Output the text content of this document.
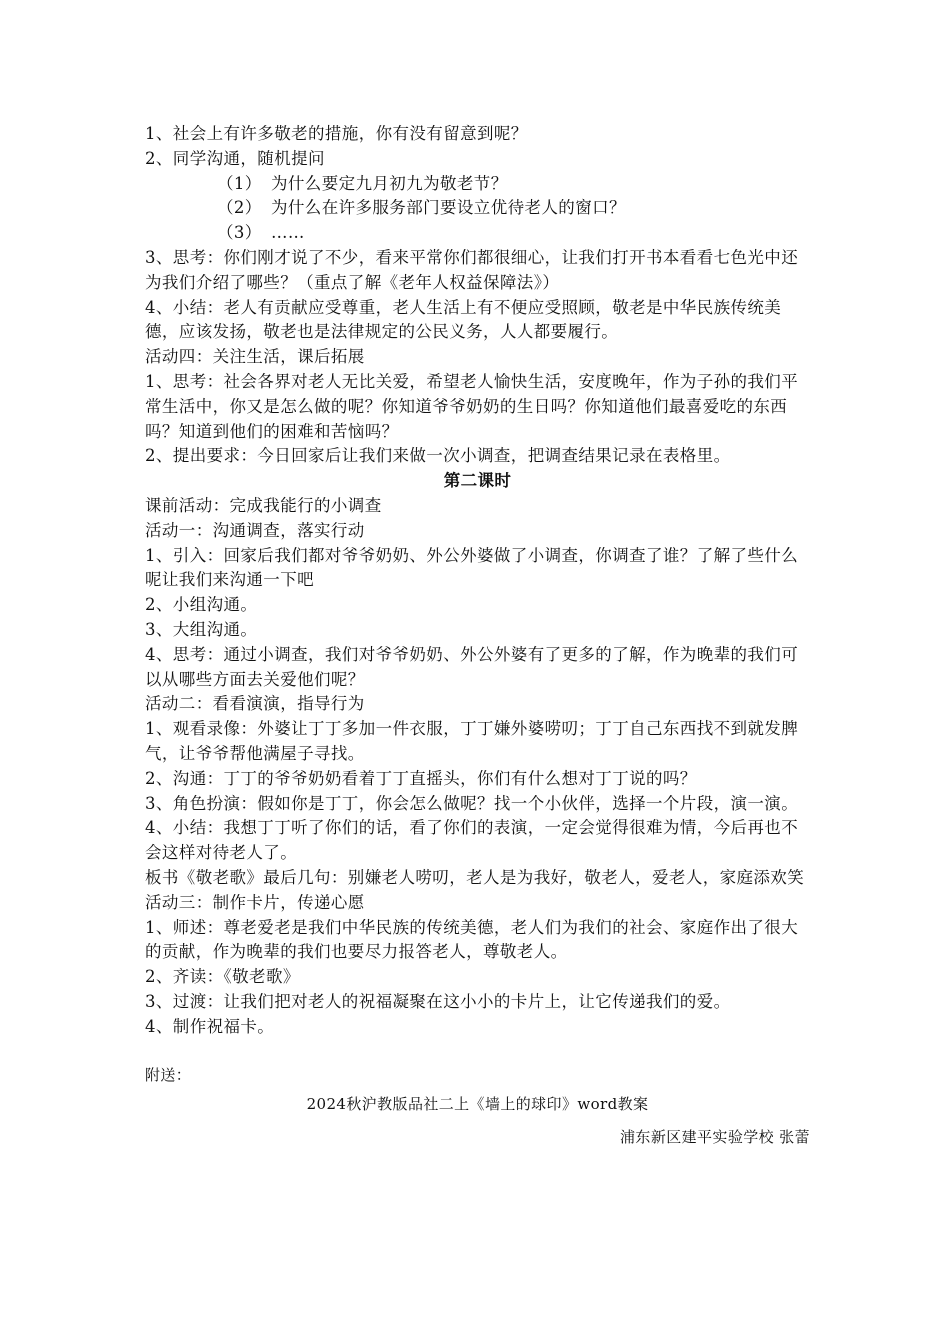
1、社会上有许多敬老的措施，你有没有留意到呢？

2、同学沟通，随机提问

（1） 为什么要定九月初九为敬老节？

（2） 为什么在许多服务部门要设立优待老人的窗口？

（3） ……

3、思考：你们刚才说了不少，看来平常你们都很细心，让我们打开书本看看七色光中还为我们介绍了哪些？（重点了解《老年人权益保障法》）

4、小结：老人有贡献应受尊重，老人生活上有不便应受照顾，敬老是中华民族传统美德，应该发扬，敬老也是法律规定的公民义务，人人都要履行。

活动四：关注生活，课后拓展

1、思考：社会各界对老人无比关爱，希望老人愉快生活，安度晚年，作为子孙的我们平常生活中，你又是怎么做的呢？你知道爷爷奶奶的生日吗？你知道他们最喜爱吃的东西吗？知道到他们的困难和苦恼吗？

2、提出要求：今日回家后让我们来做一次小调查，把调查结果记录在表格里。

第二课时

课前活动：完成我能行的小调查

活动一：沟通调查，落实行动

1、引入：回家后我们都对爷爷奶奶、外公外婆做了小调查，你调查了谁？了解了些什么呢让我们来沟通一下吧

2、小组沟通。

3、大组沟通。

4、思考：通过小调查，我们对爷爷奶奶、外公外婆有了更多的了解，作为晚辈的我们可以从哪些方面去关爱他们呢？

活动二：看看演演，指导行为

1、观看录像：外婆让丁丁多加一件衣服，丁丁嫌外婆唠叨；丁丁自己东西找不到就发脾气，让爷爷帮他满屋子寻找。

2、沟通：丁丁的爷爷奶奶看着丁丁直摇头，你们有什么想对丁丁说的吗？

3、角色扮演：假如你是丁丁，你会怎么做呢？找一个小伙伴，选择一个片段，演一演。

4、小结：我想丁丁听了你们的话，看了你们的表演，一定会觉得很难为情，今后再也不会这样对待老人了。

板书《敬老歌》最后几句：别嫌老人唠叨，老人是为我好，敬老人，爱老人，家庭添欢笑

活动三：制作卡片，传递心愿

1、师述：尊老爱老是我们中华民族的传统美德，老人们为我们的社会、家庭作出了很大的贡献，作为晚辈的我们也要尽力报答老人，尊敬老人。

2、齐读：《敬老歌》

3、过渡：让我们把对老人的祝福凝聚在这小小的卡片上，让它传递我们的爱。

4、制作祝福卡。

附送：

2024秋沪教版品社二上《墙上的球印》word教案

浦东新区建平实验学校 张蕾
